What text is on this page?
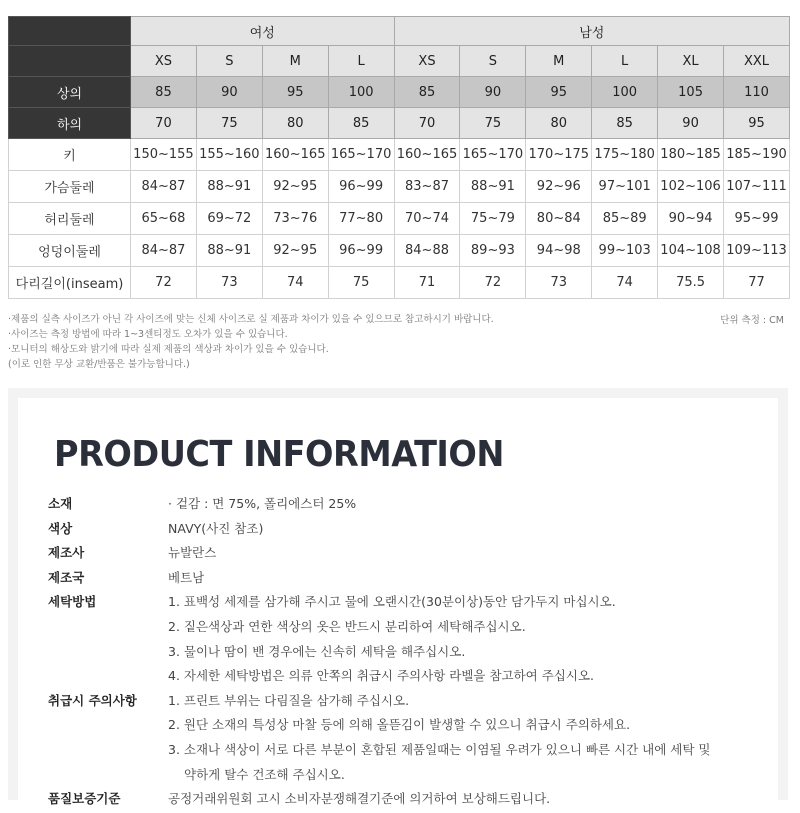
	여성				남성					
	XS	S	M	L	XS	S	M	L	XL	XXL
상의	85	90	95	100	85	90	95	100	105	110
하의	70	75	80	85	70	75	80	85	90	95
키	150~155	155~160	160~165	165~170	160~165	165~170	170~175	175~180	180~185	185~190
가슴둘레	84~87	88~91	92~95	96~99	83~87	88~91	92~96	97~101	102~106	107~111
허리둘레	65~68	69~72	73~76	77~80	70~74	75~79	80~84	85~89	90~94	95~99
엉덩이둘레	84~87	88~91	92~95	96~99	84~88	89~93	94~98	99~103	104~108	109~113
다리길이(inseam)	72	73	74	75	71	72	73	74	75.5	77
·제품의 실측 사이즈가 아닌 각 사이즈에 맞는 신체 사이즈로 실 제품과 차이가 있을 수 있으므로 참고하시기 바랍니다.
·사이즈는 측정 방법에 따라 1~3센티정도 오차가 있을 수 있습니다.
·모니터의 해상도와 밝기에 따라 실제 제품의 색상과 차이가 있을 수 있습니다.
(이로 인한 무상 교환/반품은 불가능합니다.)
단위 측정 : CM
PRODUCT INFORMATION
소재	· 겉감 : 면 75%, 폴리에스터 25%
색상	NAVY(사진 참조)
제조사	뉴발란스
제조국	베트남
세탁방법	1. 표백성 세제를 삼가해 주시고 물에 오랜시간(30분이상)동안 담가두지 마십시오.
2. 짙은색상과 연한 색상의 옷은 반드시 분리하여 세탁해주십시오.
3. 물이나 땀이 밴 경우에는 신속히 세탁을 해주십시오.
4. 자세한 세탁방법은 의류 안쪽의 취급시 주의사항 라벨을 참고하여 주십시오.
취급시 주의사항	1. 프린트 부위는 다림질을 삼가해 주십시오.
2. 원단 소재의 특성상 마찰 등에 의해 올뜯김이 발생할 수 있으니 취급시 주의하세요.
3. 소재나 색상이 서로 다른 부분이 혼합된 제품일때는 이염될 우려가 있으니 빠른 시간 내에 세탁 및
약하게 탈수 건조해 주십시오.
품질보증기준	공정거래위원회 고시 소비자분쟁해결기준에 의거하여 보상해드립니다.
